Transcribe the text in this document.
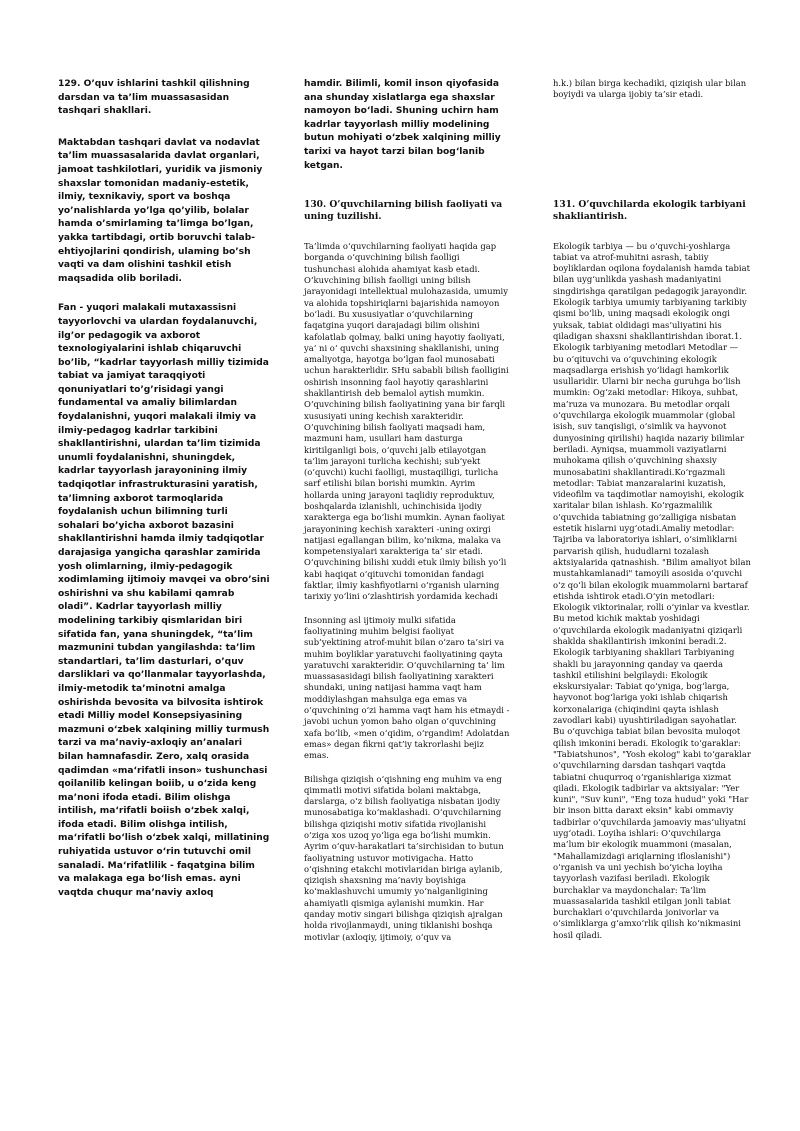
129. O’quv ishlarini tashkil qilishning darsdan va ta’lim muassasasidan tashqari shakllari.

Maktabdan tashqari davlat va nodavlat ta’lim muassasalarida davlat organlari, jamoat tashkilotlari, yuridik va jismoniy shaxslar tomonidan madaniy-estetik, ilmiy, texnikaviy, sport va boshqa yo’nalishlarda yo’lga qo’yilib, bolalar hamda o’smirlaming ta’limga bo’lgan, yakka tartibdagi, ortib boruvchi talab-ehtiyojlarini qondirish, ulaming bo’sh vaqti va dam olishini tashkil etish maqsadida olib boriladi.

Fan - yuqori malakali mutaxassisni tayyorlovchi va ulardan foydalanuvchi, ilg’or pedagogik va axborot texnologiyalarini ishlab chiqaruvchi bo’lib, “kadrlar tayyorlash milliy tizimida tabiat va jamiyat taraqqiyoti qonuniyatlari to’g’risidagi yangi fundamental va amaliy bilimlardan foydalanishni, yuqori malakali ilmiy va ilmiy-pedagog kadrlar tarkibini shakllantirishni, ulardan ta’lim tizimida unumli foydalanishni, shuningdek, kadrlar tayyorlash jarayonining ilmiy tadqiqotlar infrastrukturasini yaratish, ta’limning axborot tarmoqlarida foydalanish uchun bilimning turli sohalari bo’yicha axborot bazasini shakllantirishni hamda ilmiy tadqiqotlar darajasiga yangicha qarashlar zamirida yosh olimlarning, ilmiy-pedagogik xodimlaming ijtimoiy mavqei va obro’sini oshirishni va shu kabilami qamrab oladi”. Kadrlar tayyorlash milliy modelining tarkibiy qismlaridan biri sifatida fan, yana shuningdek, “ta’lim mazmunini tubdan yangilashda: ta’lim standartlari, ta’lim dasturlari, o’quv darsliklari va qo’llanmalar tayyorlashda, ilmiy-metodik ta’minotni amalga oshirishda bevosita va bilvosita ishtirok etadi Milliy model Konsepsiyasining mazmuni o‘zbek xalqining milliy turmush tarzi va ma’naviy-axloqiy an’analari bilan hamnafasdir. Zero, xalq orasida qadimdan «ma‘rifatli inson» tushunchasi qoilanilib kelingan boiib, u o‘zida keng ma’noni ifoda etadi. Bilim olishga intilish, ma‘rifatli boiish o‘zbek xalqi, ifoda etadi. Bilim olishga intilish, ma‘rifatli bo‘lish o‘zbek xalqi, millatining ruhiyatida ustuvor o‘rin tutuvchi omil sanaladi. Ma‘rifatlilik - faqatgina bilim va malakaga ega bo‘lish emas. ayni vaqtda chuqur ma’naviy axloq

hamdir. Bilimli, komil inson qiyofasida ana shunday xislatlarga ega shaxslar namoyon bo‘ladi. Shuning uchirn ham kadrlar tayyorlash milliy modelining butun mohiyati o‘zbek xalqining milliy tarixi va hayot tarzi bilan bog‘lanib ketgan.

130. O’quvchilarning bilish faoliyati va uning tuzilishi.

Ta’limda o‘quvchilarning faoliyati haqida gap borganda o‘quvchining bilish faolligi tushunchasi alohida ahamiyat kasb etadi. O‘kuvchining bilish faolligi uning bilish jarayonidagi intellektual mulohazasida, umumiy va alohida topshiriqlarni bajarishida namoyon bo‘ladi. Bu xususiyatlar o‘quvchilarning faqatgina yuqori darajadagi bilim olishini kafolatlab qolmay, balki uning hayotiy faoliyati, ya’ ni o‘ quvchi shaxsining shakllanishi, uning amaliyotga, hayotga bo‘lgan faol munosabati uchun harakterlidir. SHu sababli bilish faolligini oshirish insonning faol hayotiy qarashlarini shakllantirish deb bemalol aytish mumkin. O‘quvchining bilish faoliyatining yana bir farqli xususiyati uning kechish xarakteridir. O‘quvchining bilish faoliyati maqsadi ham, mazmuni ham, usullari ham dasturga kiritilganligi bois, o‘quvchi jalb etilayotgan ta’lim jarayoni turlicha kechishi; sub’yekt (o‘quvchi) kuchi faolligi, mustaqilligi, turlicha sarf etilishi bilan borishi mumkin. Ayrim hollarda uning jarayoni taqlidiy reproduktuv, boshqalarda izlanishli, uchinchisida ijodiy xarakterga ega bo‘lishi mumkin. Aynan faoliyat jarayonining kechish xarakteri -uning oxirgi natijasi egallangan bilim, ko‘nikma, malaka va kompetensiyalari xarakteriga ta’ sir etadi. O‘quvchining bilishi xuddi etuk ilmiy bilish yo‘li kabi haqiqat o‘qituvchi tomonidan fandagi faktlar, ilmiy kashfiyotlarni o‘rganish ularning tarixiy yo‘lini o‘zlashtirish yordamida kechadi

Insonning asl ijtimoiy mulki sifatida faoliyatining muhim belgisi faoliyat sub’yektining atrof-muhit bilan o‘zaro ta’siri va muhim boyliklar yaratuvchi faoliyatining qayta yaratuvchi xarakteridir. O‘quvchilarning ta’ lim muassasasidagi bilish faoliyatining xarakteri shundaki, uning natijasi hamma vaqt ham moddiylashgan mahsulga ega emas va o‘quvchining o‘zi hamma vaqt ham his etmaydi - javobi uchun yomon baho olgan o‘quvchining xafa bo‘lib, «men o‘qidim, o‘rgandim! Adolatdan emas» degan fikrni qat’iy takrorlashi bejiz emas.

Bilishga qiziqish o‘qishning eng muhim va eng qimmatli motivi sifatida bolani maktabga, darslarga, o‘z bilish faoliyatiga nisbatan ijodiy munosabatiga ko‘maklashadi. O‘quvchilarning bilishga qiziqishi motiv sifatida rivojlanishi o‘ziga xos uzoq yo‘liga ega bo‘lishi mumkin. Ayrim o‘quv-harakatlari ta’sirchisidan to butun faoliyatning ustuvor motivigacha. Hatto o‘qishning etakchi motivlaridan biriga aylanib, qiziqish shaxsning ma’naviy boyishiga ko‘maklashuvchi umumiy yo‘nalganligining ahamiyatli qismiga aylanishi mumkin. Har qanday motiv singari bilishga qiziqish ajralgan holda rivojlanmaydi, uning tiklanishi boshqa motivlar (axloqiy, ijtimoiy, o‘quv va

h.k.) bilan birga kechadiki, qiziqish ular bilan boyiydi va ularga ijobiy ta’sir etadi.

131. O’quvchilarda ekologik tarbiyani shakliantirish.

Ekologik tarbiya — bu o‘quvchi-yoshlarga tabiat va atrof-muhitni asrash, tabiiy boyliklardan oqilona foydalanish hamda tabiat bilan uyg‘unlikda yashash madaniyatini singdirishga qaratilgan pedagogik jarayondir. Ekologik tarbiya umumiy tarbiyaning tarkibiy qismi bo‘lib, uning maqsadi ekologik ongi yuksak, tabiat oldidagi mas’uliyatini his qiladigan shaxsni shakllantirishdan iborat.1. Ekologik tarbiyaning metodlari Metodlar — bu o‘qituvchi va o‘quvchining ekologik maqsadlarga erishish yo‘lidagi hamkorlik usullaridir. Ularni bir necha guruhga bo‘lish mumkin: Og‘zaki metodlar: Hikoya, suhbat, ma’ruza va munozara. Bu metodlar orqali o‘quvchilarga ekologik muammolar (global isish, suv tanqisligi, o‘simlik va hayvonot dunyosining qirilishi) haqida nazariy bilimlar beriladi. Ayniqsa, muammoli vaziyatlarni muhokama qilish o‘quvchining shaxsiy munosabatini shakllantiradi.Ko‘rgazmali metodlar: Tabiat manzaralarini kuzatish, videofilm va taqdimotlar namoyishi, ekologik xaritalar bilan ishlash. Ko‘rgazmalilik o‘quvchida tabiatning go‘zalligiga nisbatan estetik hislarni uyg‘otadi.Amaliy metodlar: Tajriba va laboratoriya ishlari, o‘simliklarni parvarish qilish, hududlarni tozalash aktsiyalarida qatnashish. "Bilim amaliyot bilan mustahkamlanadi" tamoyili asosida o‘quvchi o‘z qo‘li bilan ekologik muammolarni bartaraf etishda ishtirok etadi.O‘yin metodlari: Ekologik viktorinalar, rolli o‘yinlar va kvestlar. Bu metod kichik maktab yoshidagi o‘quvchilarda ekologik madaniyatni qiziqarli shaklda shakllantirish imkonini beradi.2. Ekologik tarbiyaning shakllari Tarbiyaning shakli bu jarayonning qanday va qaerda tashkil etilishini belgilaydi: Ekologik ekskursiyalar: Tabiat qo‘yniga, bog‘larga, hayvonot bog‘lariga yoki ishlab chiqarish korxonalariga (chiqindini qayta ishlash zavodlari kabi) uyushtiriladigan sayohatlar. Bu o‘quvchiga tabiat bilan bevosita muloqot qilish imkonini beradi. Ekologik to‘garaklar: "Tabiatshunos", "Yosh ekolog" kabi to‘garaklar o‘quvchilarning darsdan tashqari vaqtda tabiatni chuqurroq o‘rganishlariga xizmat qiladi. Ekologik tadbirlar va aktsiyalar: "Yer kuni", "Suv kuni", "Eng toza hudud" yoki "Har bir inson bitta daraxt eksin" kabi ommaviy tadbirlar o‘quvchilarda jamoaviy mas’uliyatni uyg‘otadi. Loyiha ishlari: O‘quvchilarga ma’lum bir ekologik muammoni (masalan, "Mahallamizdagi ariqlarning ifloslanishi") o‘rganish va uni yechish bo‘yicha loyiha tayyorlash vazifasi beriladi. Ekologik burchaklar va maydonchalar: Ta’lim muassasalarida tashkil etilgan jonli tabiat burchaklari o‘quvchilarda jonivorlar va o‘simliklarga g‘amxo‘rlik qilish ko‘nikmasini hosil qiladi.
